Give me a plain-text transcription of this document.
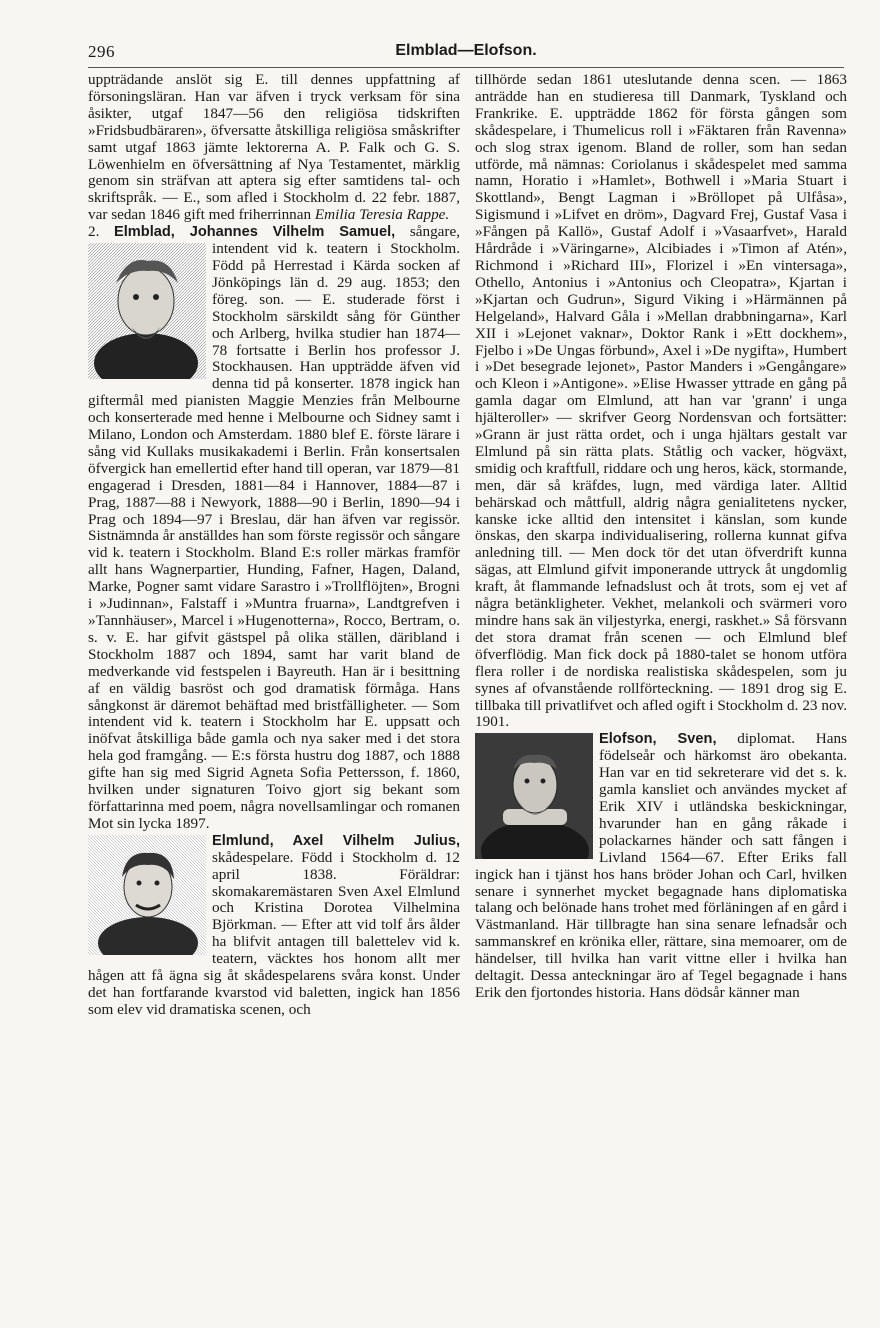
296	Elmblad—Elofson.

uppträdande anslöt sig E. till dennes uppfattning af försoningsläran. Han var äfven i tryck verksam för sina åsikter, utgaf 1847—56 den religiösa tidskriften »Fridsbudbäraren», öfversatte åtskilliga religiösa småskrifter samt utgaf 1863 jämte lektorerna A. P. Falk och G. S. Löwenhielm en öfversättning af Nya Testamentet, märklig genom sin sträfvan att aptera sig efter samtidens tal- och skriftspråk. — E., som afled i Stockholm d. 22 febr. 1887, var sedan 1846 gift med friherrinnan Emilia Teresia Rappe.

2. Elmblad, Johannes Vilhelm Samuel,
sångare, intendent vid k. teatern i Stockholm. Född på Herrestad i Kärda socken af Jönköpings län d. 29 aug. 1853; den föreg. son. — E. studerade först i Stockholm särskildt sång för Günther och Arlberg, hvilka studier han 1874—78 fortsatte i Berlin hos professor J. Stockhausen. Han uppträdde äfven vid denna tid på konserter. 1878 ingick han giftermål med pianisten Maggie Menzies från Melbourne och konserterade med henne i Melbourne och Sidney samt i Milano, London och Amsterdam. 1880 blef E. förste lärare i sång vid Kullaks musikakademi i Berlin. Från konsertsalen öfvergick han emellertid efter hand till operan, var 1879—81 engagerad i Dresden, 1881—84 i Hannover, 1884—87 i Prag, 1887—88 i Newyork, 1888—90 i Berlin, 1890—94 i Prag och 1894—97 i Breslau, där han äfven var regissör. Sistnämnda år anställdes han som förste regissör och sångare vid k. teatern i Stockholm. Bland E:s roller märkas framför allt hans Wagnerpartier, Hunding, Fafner, Hagen, Daland, Marke, Pogner samt vidare Sarastro i »Trollflöjten», Brogni i »Judinnan», Falstaff i »Muntra fruarna», Landtgrefven i »Tannhäuser», Marcel i »Hugenotterna», Rocco, Bertram, o. s. v. E. har gifvit gästspel på olika ställen, däribland i Stockholm 1887 och 1894, samt har varit bland de medverkande vid festspelen i Bayreuth. Han är i besittning af en väldig basröst och god dramatisk förmåga. Hans sångkonst är däremot behäftad med bristfälligheter. — Som intendent vid k. teatern i Stockholm har E. uppsatt och inöfvat åtskilliga både gamla och nya saker med i det stora hela god framgång. — E:s första hustru dog 1887, och 1888 gifte han sig med Sigrid Agneta Sofia Pettersson, f. 1860, hvilken under signaturen Toivo gjort sig bekant som författarinna med poem, några novellsamlingar och romanen Mot sin lycka 1897.

Elmlund, Axel Vilhelm Julius,
skådespelare. Född i Stockholm d. 12 april 1838. Föräldrar: skomakaremästaren Sven Axel Elmlund och Kristina Dorotea Vilhelmina Björkman. — Efter att vid tolf års ålder ha blifvit antagen till balettelev vid k. teatern, väcktes hos honom allt mer hågen att få ägna sig åt skådespelarens svåra konst. Under det han fortfarande kvarstod vid baletten, ingick han 1856 som elev vid dramatiska scenen, och

tillhörde sedan 1861 uteslutande denna scen. — 1863 anträdde han en studieresa till Danmark, Tyskland och Frankrike. E. uppträdde 1862 för första gången som skådespelare, i Thumelicus roll i »Fäktaren från Ravenna» och slog strax igenom. Bland de roller, som han sedan utförde, må nämnas: Coriolanus i skådespelet med samma namn, Horatio i »Hamlet», Bothwell i »Maria Stuart i Skottland», Bengt Lagman i »Bröllopet på Ulfåsa», Sigismund i »Lifvet en dröm», Dagvard Frej, Gustaf Vasa i »Fången på Kallö», Gustaf Adolf i »Vasaarfvet», Harald Hårdråde i »Väringarne», Alcibiades i »Timon af Atén», Richmond i »Richard III», Florizel i »En vintersaga», Othello, Antonius i »Antonius och Cleopatra», Kjartan i »Kjartan och Gudrun», Sigurd Viking i »Härmännen på Helgeland», Halvard Gåla i »Mellan drabbningarna», Karl XII i »Lejonet vaknar», Doktor Rank i »Ett dockhem», Fjelbo i »De Ungas förbund», Axel i »De nygifta», Humbert i »Det besegrade lejonet», Pastor Manders i »Gengångare» och Kleon i »Antigone». »Elise Hwasser yttrade en gång på gamla dagar om Elmlund, att han var 'grann' i unga hjälteroller» — skrifver Georg Nordensvan och fortsätter: »Grann är just rätta ordet, och i unga hjältars gestalt var Elmlund på sin rätta plats. Ståtlig och vacker, högväxt, smidig och kraftfull, riddare och ung heros, käck, stormande, men, där så kräfdes, lugn, med värdiga later. Alltid behärskad och måttfull, aldrig några genialitetens nycker, kanske icke alltid den intensitet i känslan, som kunde önskas, den skarpa individualisering, rollerna kunnat gifva anledning till. — Men dock tör det utan öfverdrift kunna sägas, att Elmlund gifvit imponerande uttryck åt ungdomlig kraft, åt flammande lefnadslust och åt trots, som ej vet af några betänkligheter. Vekhet, melankoli och svärmeri voro mindre hans sak än viljestyrka, energi, raskhet.» Så försvann det stora dramat från scenen — och Elmlund blef öfverflödig. Man fick dock på 1880-talet se honom utföra flera roller i de nordiska realistiska skådespelen, som ju synes af ofvanstående rollförteckning. — 1891 drog sig E. tillbaka till privatlifvet och afled ogift i Stockholm d. 23 nov. 1901.

Elofson, Sven,
diplomat. Hans födelseår och härkomst äro obekanta. Han var en tid sekreterare vid det s. k. gamla kansliet och användes mycket af Erik XIV i utländska beskickningar, hvarunder han en gång råkade i polackarnes händer och satt fången i Livland 1564—67. Efter Eriks fall ingick han i tjänst hos hans bröder Johan och Carl, hvilken senare i synnerhet mycket begagnade hans diplomatiska talang och belönade hans trohet med förläningen af en gård i Västmanland. Här tillbragte han sina senare lefnadsår och sammanskref en krönika eller, rättare, sina memoarer, om de händelser, till hvilka han varit vittne eller i hvilka han deltagit. Dessa anteckningar äro af Tegel begagnade i hans Erik den fjortondes historia. Hans dödsår känner man
